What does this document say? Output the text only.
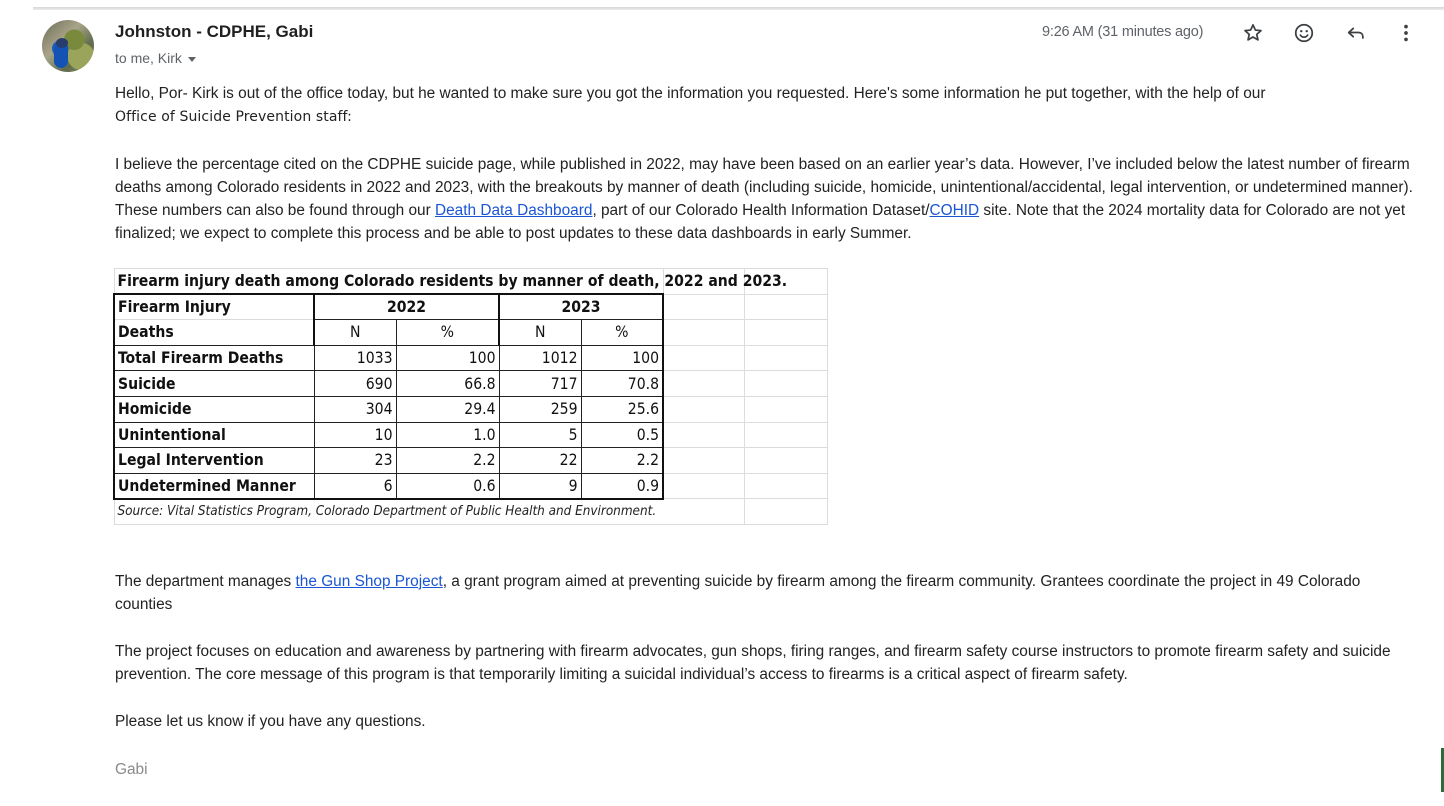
Johnston - CDPHE, Gabi
to me, Kirk
9:26 AM (31 minutes ago)

Hello, Por- Kirk is out of the office today, but he wanted to make sure you got the information you requested. Here's some information he put together, with the help of our
Office of Suicide Prevention staff:

I believe the percentage cited on the CDPHE suicide page, while published in 2022, may have been based on an earlier year’s data. However, I’ve included below the latest number of firearm deaths among Colorado residents in 2022 and 2023, with the breakouts by manner of death (including suicide, homicide, unintentional/accidental, legal intervention, or undetermined manner). These numbers can also be found through our Death Data Dashboard, part of our Colorado Health Information Dataset/COHID site. Note that the 2024 mortality data for Colorado are not yet finalized; we expect to complete this process and be able to post updates to these data dashboards in early Summer.

The department manages the Gun Shop Project, a grant program aimed at preventing suicide by firearm among the firearm community. Grantees coordinate the project in 49 Colorado counties

The project focuses on education and awareness by partnering with firearm advocates, gun shops, firing ranges, and firearm safety course instructors to promote firearm safety and suicide prevention. The core message of this program is that temporarily limiting a suicidal individual’s access to firearms is a critical aspect of firearm safety.

Please let us know if you have any questions.

Gabi

Firearm injury death among Colorado residents by manner of death, 2022 and 2023.						
Firearm Injury	2022		2023			
Deaths	N	%	N	%		
Total Firearm Deaths	1033	100	1012	100		
Suicide	690	66.8	717	70.8		
Homicide	304	29.4	259	25.6		
Unintentional	10	1.0	5	0.5		
Legal Intervention	23	2.2	22	2.2		
Undetermined Manner	6	0.6	9	0.9		
Source: Vital Statistics Program, Colorado Department of Public Health and Environment.						
